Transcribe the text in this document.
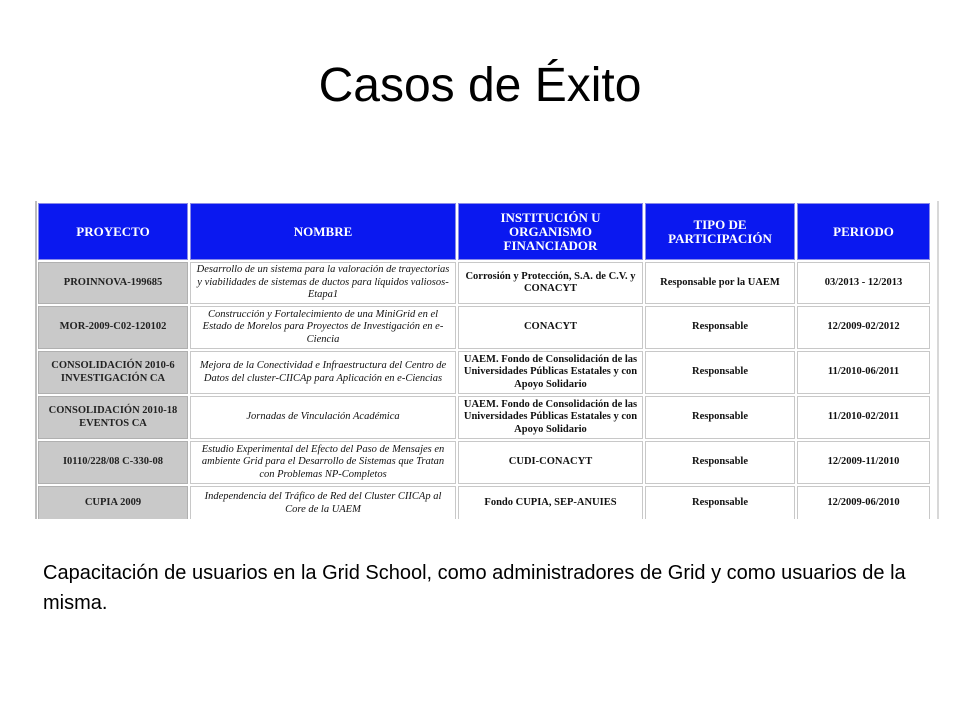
Casos de Éxito
PROYECTO	NOMBRE	INSTITUCIÓN U ORGANISMO FINANCIADOR	TIPO DE PARTICIPACIÓN	PERIODO
PROINNOVA-199685	Desarrollo de un sistema para la valoración de trayectorias y viabilidades de sistemas de ductos para líquidos valiosos-Etapa1	Corrosión y Protección, S.A. de C.V. y CONACYT	Responsable por la UAEM	03/2013 - 12/2013
MOR-2009-C02-120102	Construcción y Fortalecimiento de una MiniGrid en el Estado de Morelos para Proyectos de Investigación en e-Ciencia	CONACYT	Responsable	12/2009-02/2012
CONSOLIDACIÓN 2010-6 INVESTIGACIÓN CA	Mejora de la Conectividad e Infraestructura del Centro de Datos del cluster-CIICAp para Aplicación en e-Ciencias	UAEM. Fondo de Consolidación de las Universidades Públicas Estatales y con Apoyo Solidario	Responsable	11/2010-06/2011
CONSOLIDACIÓN 2010-18 EVENTOS CA	Jornadas de Vinculación Académica	UAEM. Fondo de Consolidación de las Universidades Públicas Estatales y con Apoyo Solidario	Responsable	11/2010-02/2011
I0110/228/08 C-330-08	Estudio Experimental del Efecto del Paso de Mensajes en ambiente Grid para el Desarrollo de Sistemas que Tratan con Problemas NP-Completos	CUDI-CONACYT	Responsable	12/2009-11/2010
CUPIA 2009	Independencia del Tráfico de Red del Cluster CIICAp al Core de la UAEM	Fondo CUPIA, SEP-ANUIES	Responsable	12/2009-06/2010

Capacitación de usuarios en la Grid School, como administradores de Grid y como usuarios de la misma.
